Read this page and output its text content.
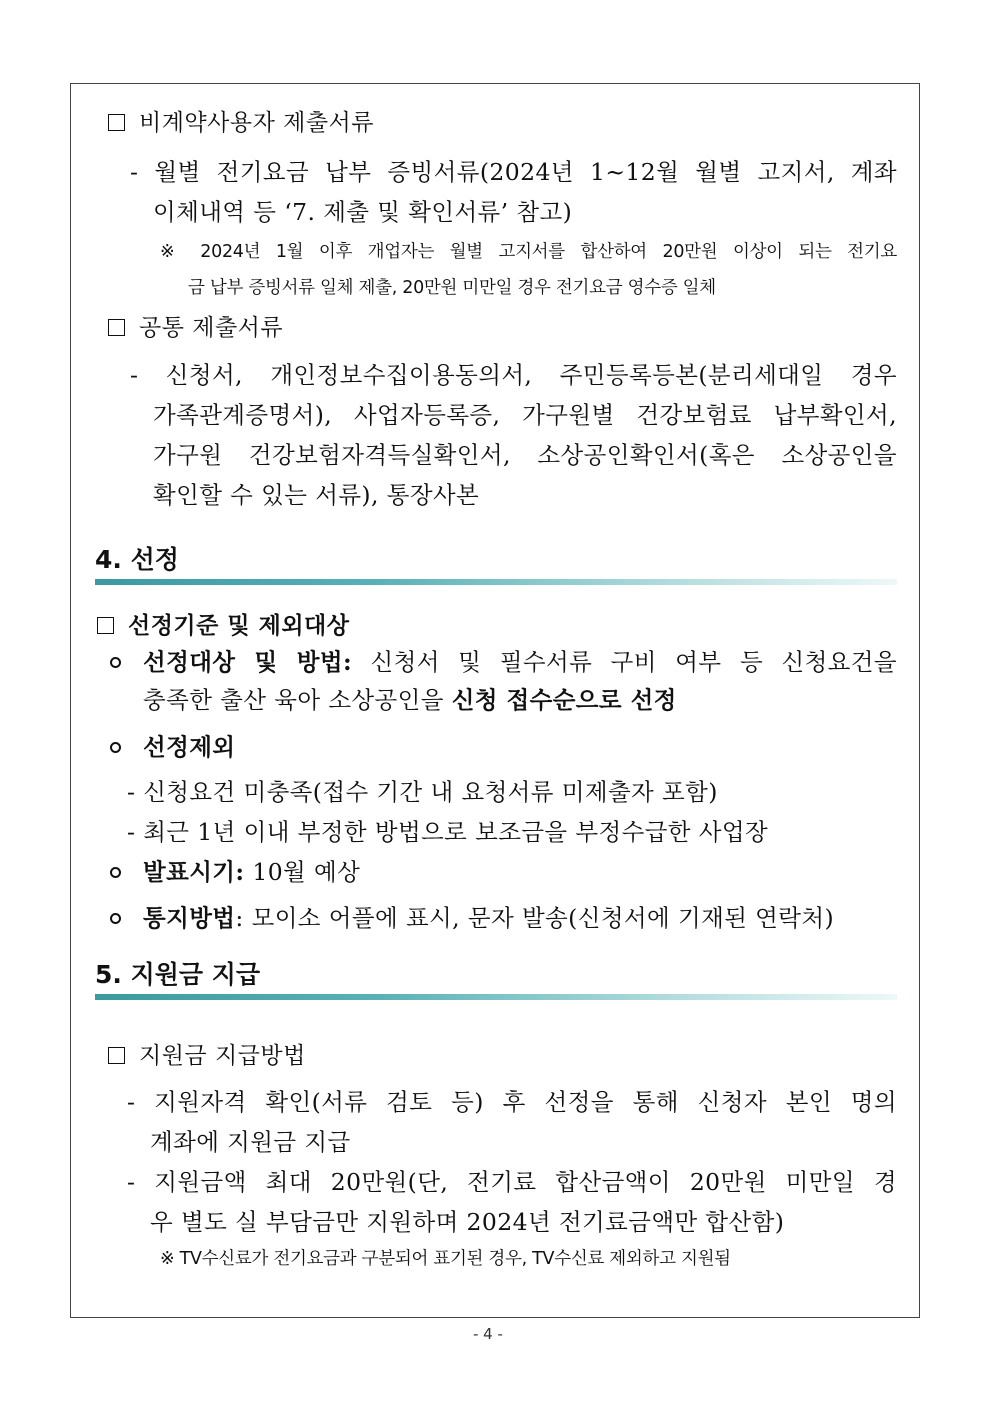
비계약사용자 제출서류
- 월별 전기요금 납부 증빙서류(2024년 1~12월 월별 고지서, 계좌
이체내역 등 ‘7. 제출 및 확인서류’ 참고)
※ 2024년 1월 이후 개업자는 월별 고지서를 합산하여 20만원 이상이 되는 전기요
금 납부 증빙서류 일체 제출, 20만원 미만일 경우 전기요금 영수증 일체
공통 제출서류
- 신청서, 개인정보수집이용동의서, 주민등록등본(분리세대일 경우
가족관계증명서), 사업자등록증, 가구원별 건강보험료 납부확인서,
가구원 건강보험자격득실확인서, 소상공인확인서(혹은 소상공인을
확인할 수 있는 서류), 통장사본
4. 선정
선정기준 및 제외대상
선정대상 및 방법: 신청서 및 필수서류 구비 여부 등 신청요건을
충족한 출산 육아 소상공인을 신청 접수순으로 선정
선정제외
- 신청요건 미충족(접수 기간 내 요청서류 미제출자 포함)
- 최근 1년 이내 부정한 방법으로 보조금을 부정수급한 사업장
발표시기: 10월 예상
통지방법: 모이소 어플에 표시, 문자 발송(신청서에 기재된 연락처)
5. 지원금 지급
지원금 지급방법
- 지원자격 확인(서류 검토 등) 후 선정을 통해 신청자 본인 명의
계좌에 지원금 지급
- 지원금액 최대 20만원(단, 전기료 합산금액이 20만원 미만일 경
우 별도 실 부담금만 지원하며 2024년 전기료금액만 합산함)
※ TV수신료가 전기요금과 구분되어 표기된 경우, TV수신료 제외하고 지원됨
- 4 -
